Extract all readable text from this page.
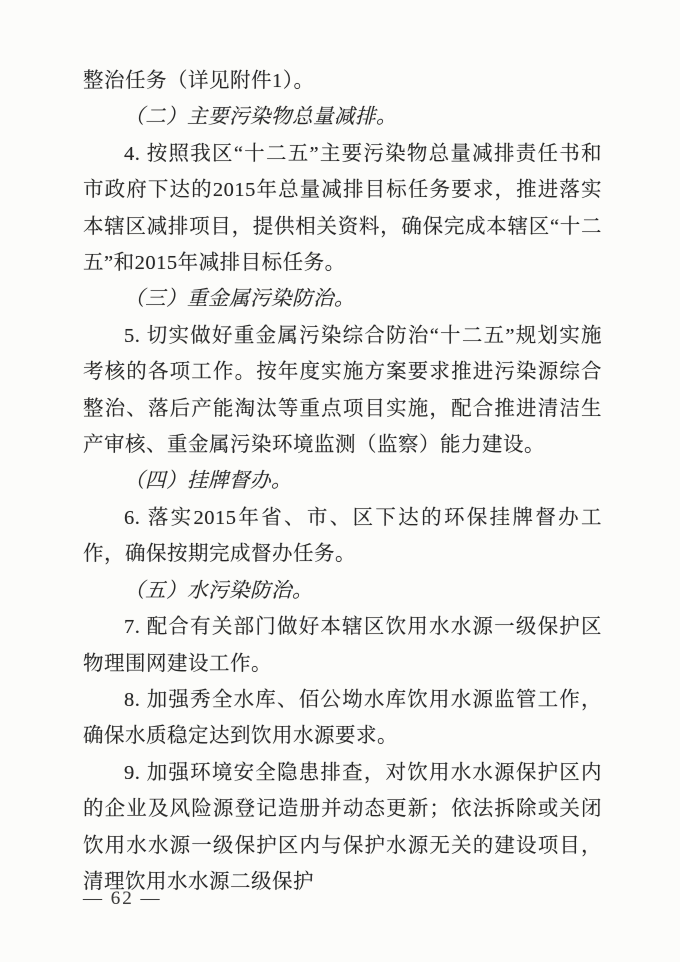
整治任务（详见附件1）。

（二）主要污染物总量减排。

4. 按照我区“十二五”主要污染物总量减排责任书和市政府下达的2015年总量减排目标任务要求，推进落实本辖区减排项目，提供相关资料，确保完成本辖区“十二五”和2015年减排目标任务。

（三）重金属污染防治。

5. 切实做好重金属污染综合防治“十二五”规划实施考核的各项工作。按年度实施方案要求推进污染源综合整治、落后产能淘汰等重点项目实施，配合推进清洁生产审核、重金属污染环境监测（监察）能力建设。

（四）挂牌督办。

6. 落实2015年省、市、区下达的环保挂牌督办工作，确保按期完成督办任务。

（五）水污染防治。

7. 配合有关部门做好本辖区饮用水水源一级保护区物理围网建设工作。

8. 加强秀全水库、佰公坳水库饮用水源监管工作，确保水质稳定达到饮用水源要求。

9. 加强环境安全隐患排查，对饮用水水源保护区内的企业及风险源登记造册并动态更新；依法拆除或关闭饮用水水源一级保护区内与保护水源无关的建设项目，清理饮用水水源二级保护

— 62 —
